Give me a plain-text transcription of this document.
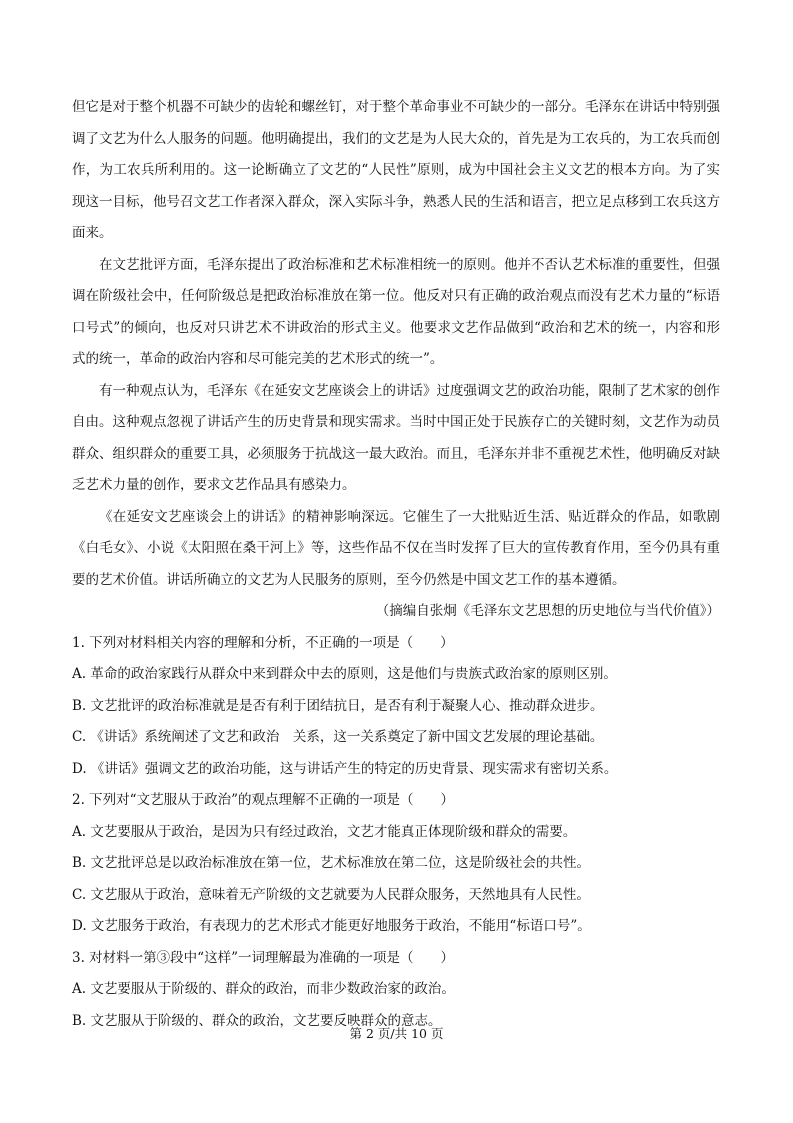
但它是对于整个机器不可缺少的齿轮和螺丝钉，对于整个革命事业不可缺少的一部分。毛泽东在讲话中特别强调了文艺为什么人服务的问题。他明确提出，我们的文艺是为人民大众的，首先是为工农兵的，为工农兵而创作，为工农兵所利用的。这一论断确立了文艺的“人民性”原则，成为中国社会主义文艺的根本方向。为了实现这一目标，他号召文艺工作者深入群众，深入实际斗争，熟悉人民的生活和语言，把立足点移到工农兵这方面来。

在文艺批评方面，毛泽东提出了政治标准和艺术标准相统一的原则。他并不否认艺术标准的重要性，但强调在阶级社会中，任何阶级总是把政治标准放在第一位。他反对只有正确的政治观点而没有艺术力量的“标语口号式”的倾向，也反对只讲艺术不讲政治的形式主义。他要求文艺作品做到“政治和艺术的统一，内容和形式的统一，革命的政治内容和尽可能完美的艺术形式的统一”。

有一种观点认为，毛泽东《在延安文艺座谈会上的讲话》过度强调文艺的政治功能，限制了艺术家的创作自由。这种观点忽视了讲话产生的历史背景和现实需求。当时中国正处于民族存亡的关键时刻，文艺作为动员群众、组织群众的重要工具，必须服务于抗战这一最大政治。而且，毛泽东并非不重视艺术性，他明确反对缺乏艺术力量的创作，要求文艺作品具有感染力。

《在延安文艺座谈会上的讲话》的精神影响深远。它催生了一大批贴近生活、贴近群众的作品，如歌剧《白毛女》、小说《太阳照在桑干河上》等，这些作品不仅在当时发挥了巨大的宣传教育作用，至今仍具有重要的艺术价值。讲话所确立的文艺为人民服务的原则，至今仍然是中国文艺工作的基本遵循。

（摘编自张炯《毛泽东文艺思想的历史地位与当代价值》）

1. 下列对材料相关内容的理解和分析，不正确的一项是（　　）

A. 革命的政治家践行从群众中来到群众中去的原则，这是他们与贵族式政治家的原则区别。

B. 文艺批评的政治标准就是是否有利于团结抗日，是否有利于凝聚人心、推动群众进步。

C. 《讲话》系统阐述了文艺和政治　关系，这一关系奠定了新中国文艺发展的理论基础。

D. 《讲话》强调文艺的政治功能，这与讲话产生的特定的历史背景、现实需求有密切关系。

2. 下列对“文艺服从于政治”的观点理解不正确的一项是（　　）

A. 文艺要服从于政治，是因为只有经过政治，文艺才能真正体现阶级和群众的需要。

B. 文艺批评总是以政治标准放在第一位，艺术标准放在第二位，这是阶级社会的共性。

C. 文艺服从于政治，意味着无产阶级的文艺就要为人民群众服务，天然地具有人民性。

D. 文艺服务于政治，有表现力的艺术形式才能更好地服务于政治，不能用“标语口号”。

3. 对材料一第③段中“这样”一词理解最为准确的一项是（　　）

A. 文艺要服从于阶级的、群众的政治，而非少数政治家的政治。

B. 文艺服从于阶级的、群众的政治，文艺要反映群众的意志。

第 2 页/共 10 页
